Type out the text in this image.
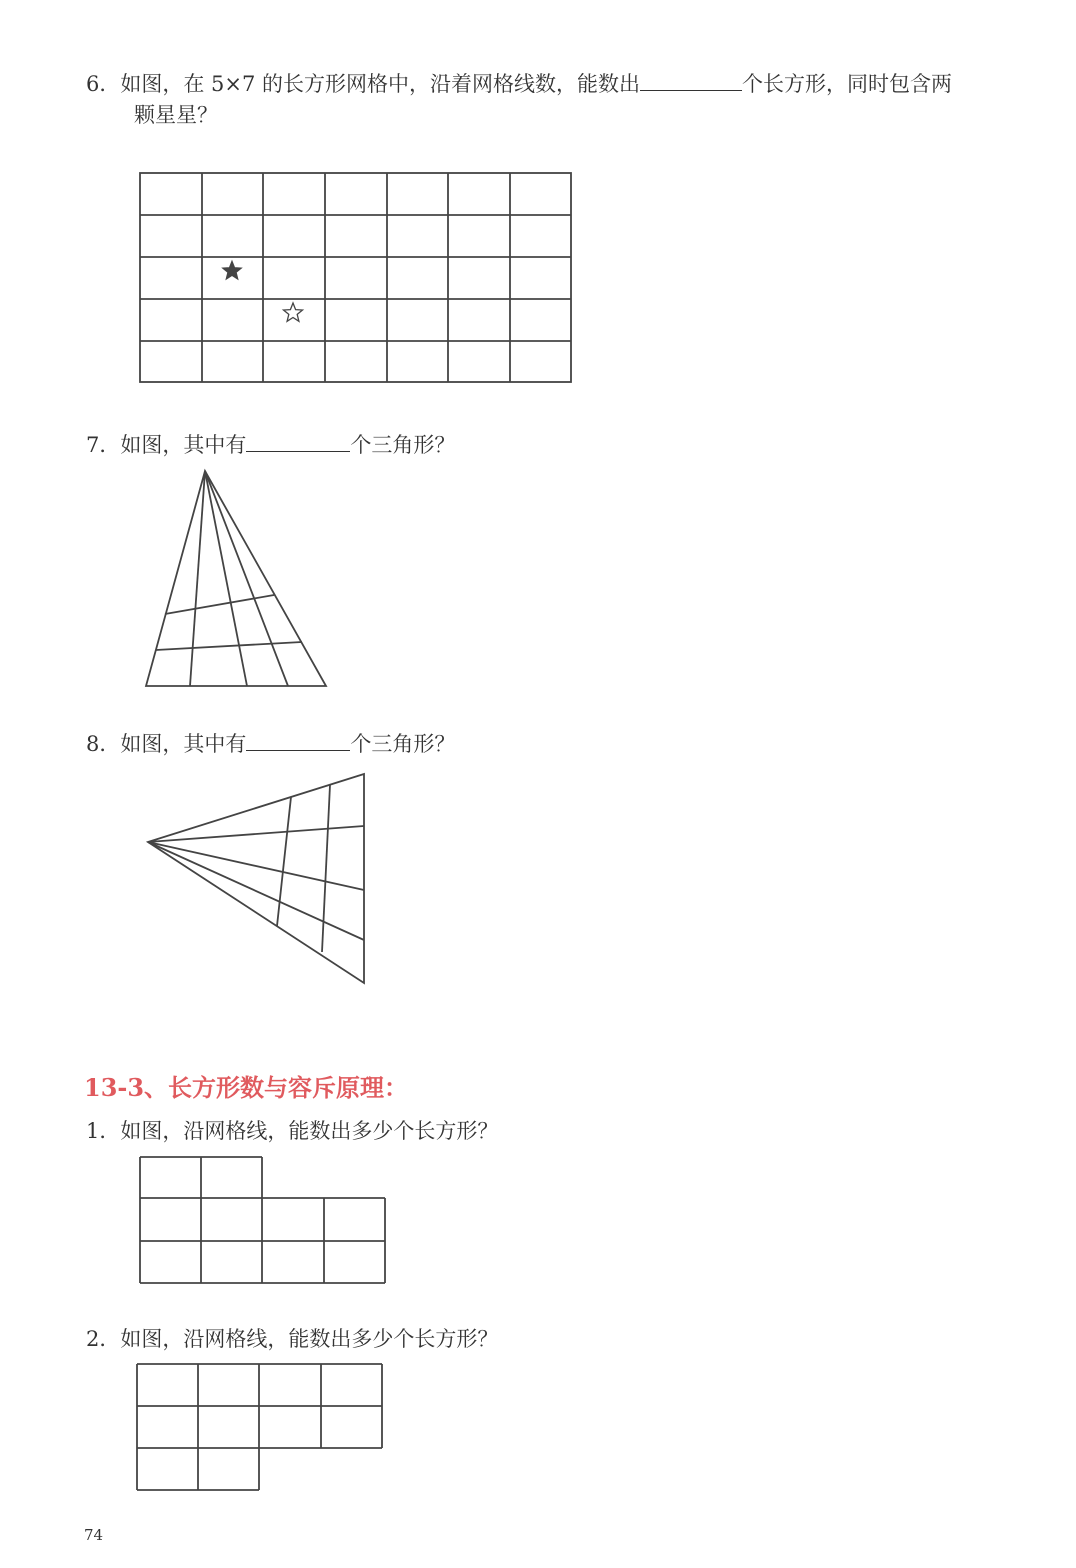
6．如图，在 5×7 的长方形网格中，沿着网格线数，能数出	个长方形，同时包含两
颗星星？
7．如图，其中有	个三角形？
8．如图，其中有	个三角形？
13-3、长方形数与容斥原理：
1．如图，沿网格线，能数出多少个长方形？
2．如图，沿网格线，能数出多少个长方形？
74
